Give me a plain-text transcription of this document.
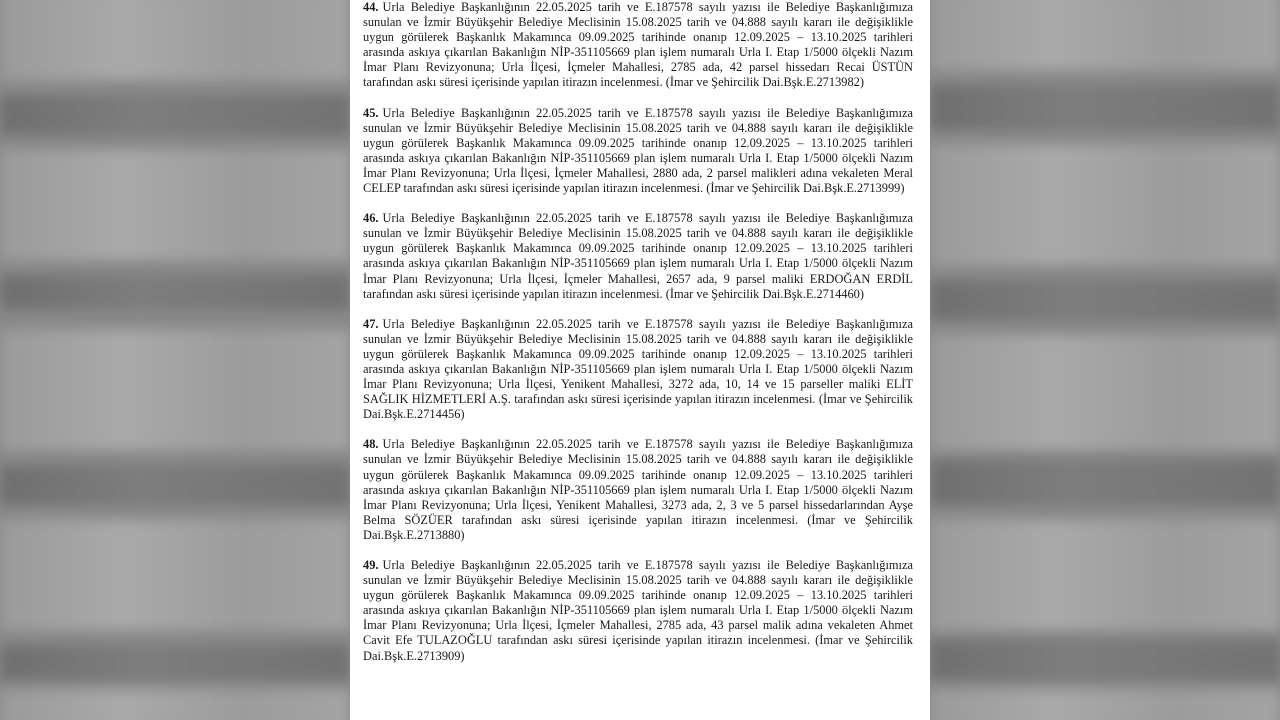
44. Urla Belediye Başkanlığının 22.05.2025 tarih ve E.187578 sayılı yazısı ile Belediye Başkanlığımıza sunulan ve İzmir Büyükşehir Belediye Meclisinin 15.08.2025 tarih ve 04.888 sayılı kararı ile değişiklikle uygun görülerek Başkanlık Makamınca 09.09.2025 tarihinde onanıp 12.09.2025 – 13.10.2025 tarihleri arasında askıya çıkarılan Bakanlığın NİP-351105669 plan işlem numaralı Urla I. Etap 1/5000 ölçekli Nazım İmar Planı Revizyonuna; Urla İlçesi, İçmeler Mahallesi, 2785 ada, 42 parsel hissedarı Recai ÜSTÜN tarafından askı süresi içerisinde yapılan itirazın incelenmesi. (İmar ve Şehircilik Dai.Bşk.E.2713982)

45. Urla Belediye Başkanlığının 22.05.2025 tarih ve E.187578 sayılı yazısı ile Belediye Başkanlığımıza sunulan ve İzmir Büyükşehir Belediye Meclisinin 15.08.2025 tarih ve 04.888 sayılı kararı ile değişiklikle uygun görülerek Başkanlık Makamınca 09.09.2025 tarihinde onanıp 12.09.2025 – 13.10.2025 tarihleri arasında askıya çıkarılan Bakanlığın NİP-351105669 plan işlem numaralı Urla I. Etap 1/5000 ölçekli Nazım İmar Planı Revizyonuna; Urla İlçesi, İçmeler Mahallesi, 2880 ada, 2 parsel malikleri adına vekaleten Meral CELEP tarafından askı süresi içerisinde yapılan itirazın incelenmesi. (İmar ve Şehircilik Dai.Bşk.E.2713999)

46. Urla Belediye Başkanlığının 22.05.2025 tarih ve E.187578 sayılı yazısı ile Belediye Başkanlığımıza sunulan ve İzmir Büyükşehir Belediye Meclisinin 15.08.2025 tarih ve 04.888 sayılı kararı ile değişiklikle uygun görülerek Başkanlık Makamınca 09.09.2025 tarihinde onanıp 12.09.2025 – 13.10.2025 tarihleri arasında askıya çıkarılan Bakanlığın NİP-351105669 plan işlem numaralı Urla I. Etap 1/5000 ölçekli Nazım İmar Planı Revizyonuna; Urla İlçesi, İçmeler Mahallesi, 2657 ada, 9 parsel maliki ERDOĞAN ERDİL tarafından askı süresi içerisinde yapılan itirazın incelenmesi. (İmar ve Şehircilik Dai.Bşk.E.2714460)

47. Urla Belediye Başkanlığının 22.05.2025 tarih ve E.187578 sayılı yazısı ile Belediye Başkanlığımıza sunulan ve İzmir Büyükşehir Belediye Meclisinin 15.08.2025 tarih ve 04.888 sayılı kararı ile değişiklikle uygun görülerek Başkanlık Makamınca 09.09.2025 tarihinde onanıp 12.09.2025 – 13.10.2025 tarihleri arasında askıya çıkarılan Bakanlığın NİP-351105669 plan işlem numaralı Urla I. Etap 1/5000 ölçekli Nazım İmar Planı Revizyonuna; Urla İlçesi, Yenikent Mahallesi, 3272 ada, 10, 14 ve 15 parseller maliki ELİT SAĞLIK HİZMETLERİ A.Ş. tarafından askı süresi içerisinde yapılan itirazın incelenmesi. (İmar ve Şehircilik Dai.Bşk.E.2714456)

48. Urla Belediye Başkanlığının 22.05.2025 tarih ve E.187578 sayılı yazısı ile Belediye Başkanlığımıza sunulan ve İzmir Büyükşehir Belediye Meclisinin 15.08.2025 tarih ve 04.888 sayılı kararı ile değişiklikle uygun görülerek Başkanlık Makamınca 09.09.2025 tarihinde onanıp 12.09.2025 – 13.10.2025 tarihleri arasında askıya çıkarılan Bakanlığın NİP-351105669 plan işlem numaralı Urla I. Etap 1/5000 ölçekli Nazım İmar Planı Revizyonuna; Urla İlçesi, Yenikent Mahallesi, 3273 ada, 2, 3 ve 5 parsel hissedarlarından Ayşe Belma SÖZÜER tarafından askı süresi içerisinde yapılan itirazın incelenmesi. (İmar ve Şehircilik Dai.Bşk.E.2713880)

49. Urla Belediye Başkanlığının 22.05.2025 tarih ve E.187578 sayılı yazısı ile Belediye Başkanlığımıza sunulan ve İzmir Büyükşehir Belediye Meclisinin 15.08.2025 tarih ve 04.888 sayılı kararı ile değişiklikle uygun görülerek Başkanlık Makamınca 09.09.2025 tarihinde onanıp 12.09.2025 – 13.10.2025 tarihleri arasında askıya çıkarılan Bakanlığın NİP-351105669 plan işlem numaralı Urla I. Etap 1/5000 ölçekli Nazım İmar Planı Revizyonuna; Urla İlçesi, İçmeler Mahallesi, 2785 ada, 43 parsel malik adına vekaleten Ahmet Cavit Efe TULAZOĞLU tarafından askı süresi içerisinde yapılan itirazın incelenmesi. (İmar ve Şehircilik Dai.Bşk.E.2713909)
